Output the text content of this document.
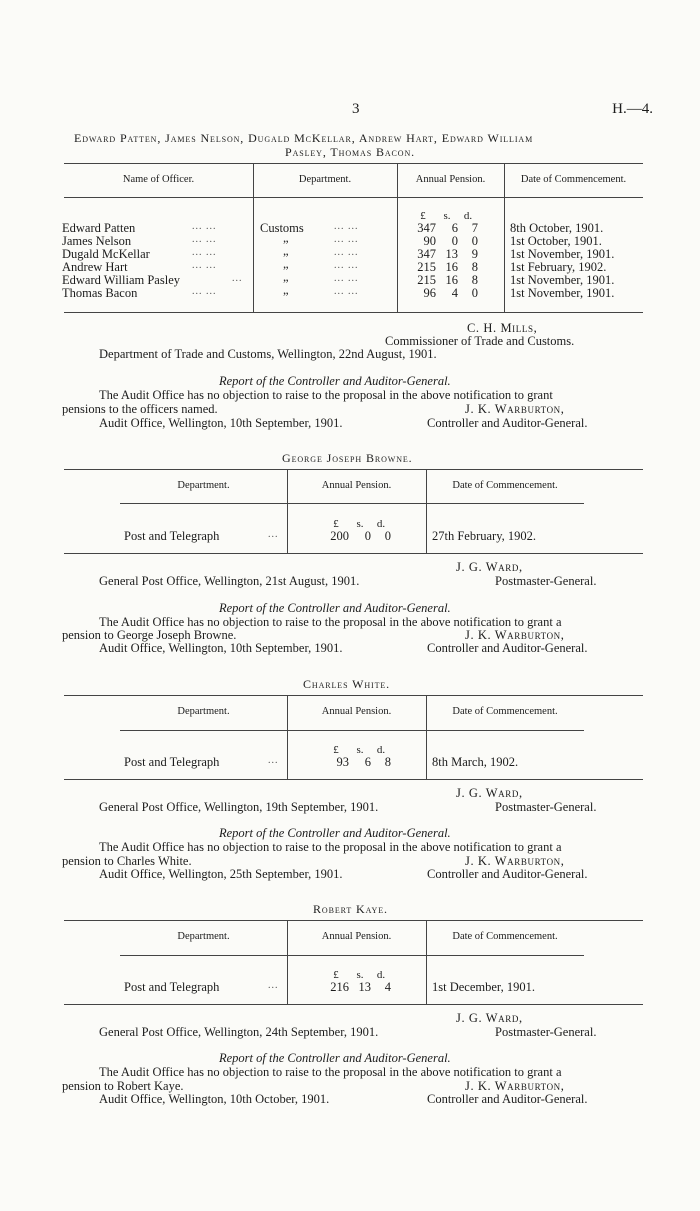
3	H.—4.
Edward Patten, James Nelson, Dugald McKellar, Andrew Hart, Edward William
Pasley, Thomas Bacon.
Name of Officer.	Department.	Annual Pension.	Date of Commencement.
£ s. d.
Edward Patten	... ...	Customs	... ...	347 6 7	8th October, 1901.
James Nelson	... ...	„	... ...	90 0 0	1st October, 1901.
Dugald McKellar	... ...	„	... ...	347 13 9	1st November, 1901.
Andrew Hart	... ...	„	... ...	215 16 8	1st February, 1902.
Edward William Pasley	...	„	... ...	215 16 8	1st November, 1901.
Thomas Bacon	... ...	„	... ...	96 4 0	1st November, 1901.
C. H. Mills,
Commissioner of Trade and Customs.
Department of Trade and Customs, Wellington, 22nd August, 1901.
Report of the Controller and Auditor-General.
The Audit Office has no objection to raise to the proposal in the above notification to grant
pensions to the officers named.	J. K. Warburton,
Audit Office, Wellington, 10th September, 1901.	Controller and Auditor-General.
George Joseph Browne.
Department.	Annual Pension.	Date of Commencement.
£ s. d.
Post and Telegraph	...	200 0 0	27th February, 1902.
J. G. Ward,
General Post Office, Wellington, 21st August, 1901.	Postmaster-General.
Report of the Controller and Auditor-General.
The Audit Office has no objection to raise to the proposal in the above notification to grant a
pension to George Joseph Browne.	J. K. Warburton,
Audit Office, Wellington, 10th September, 1901.	Controller and Auditor-General.
Charles White.
Department.	Annual Pension.	Date of Commencement.
£ s. d.
Post and Telegraph	...	93 6 8	8th March, 1902.
J. G. Ward,
General Post Office, Wellington, 19th September, 1901.	Postmaster-General.
Report of the Controller and Auditor-General.
The Audit Office has no objection to raise to the proposal in the above notification to grant a
pension to Charles White.	J. K. Warburton,
Audit Office, Wellington, 25th September, 1901.	Controller and Auditor-General.
Robert Kaye.
Department.	Annual Pension.	Date of Commencement.
£ s. d.
Post and Telegraph	...	216 13 4	1st December, 1901.
J. G. Ward,
General Post Office, Wellington, 24th September, 1901.	Postmaster-General.
Report of the Controller and Auditor-General.
The Audit Office has no objection to raise to the proposal in the above notification to grant a
pension to Robert Kaye.	J. K. Warburton,
Audit Office, Wellington, 10th October, 1901.	Controller and Auditor-General.
